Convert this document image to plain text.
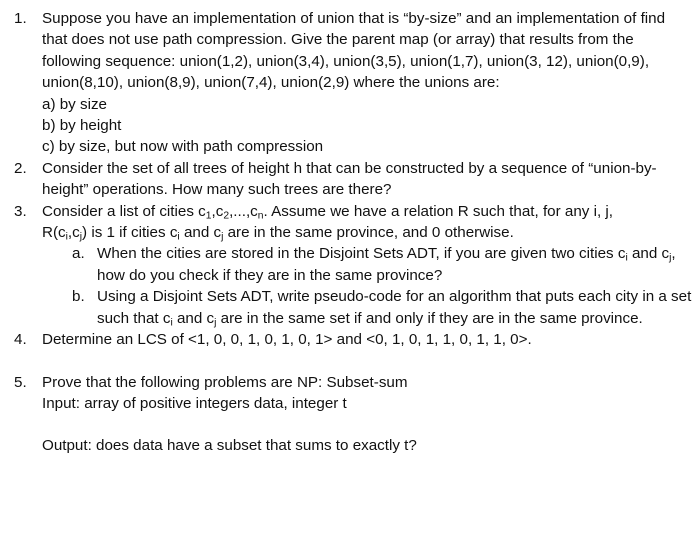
1. Suppose you have an implementation of union that is “by-size” and an implementation of find that does not use path compression. Give the parent map (or array) that results from the following sequence: union(1,2), union(3,4), union(3,5), union(1,7), union(3, 12), union(0,9), union(8,10), union(8,9), union(7,4), union(2,9) where the unions are:
a) by size
b) by height
c) by size, but now with path compression
2. Consider the set of all trees of height h that can be constructed by a sequence of “union-by-height” operations. How many such trees are there?
3. Consider a list of cities $c_1,c_2,...,c_n$. Assume we have a relation R such that, for any i, j,
$R(c_i,c_j)$ is 1 if cities $c_i$ and $c_j$ are in the same province, and 0 otherwise.
a. When the cities are stored in the Disjoint Sets ADT, if you are given two cities $c_i$ and $c_j$, how do you check if they are in the same province?
b. Using a Disjoint Sets ADT, write pseudo-code for an algorithm that puts each city in a set such that $c_i$ and $c_j$ are in the same set if and only if they are in the same province.
4. Determine an LCS of <1, 0, 0, 1, 0, 1, 0, 1> and <0, 1, 0, 1, 1, 0, 1, 1, 0>.
5. Prove that the following problems are NP: Subset-sum
Input: array of positive integers data, integer t
Output: does data have a subset that sums to exactly t?
